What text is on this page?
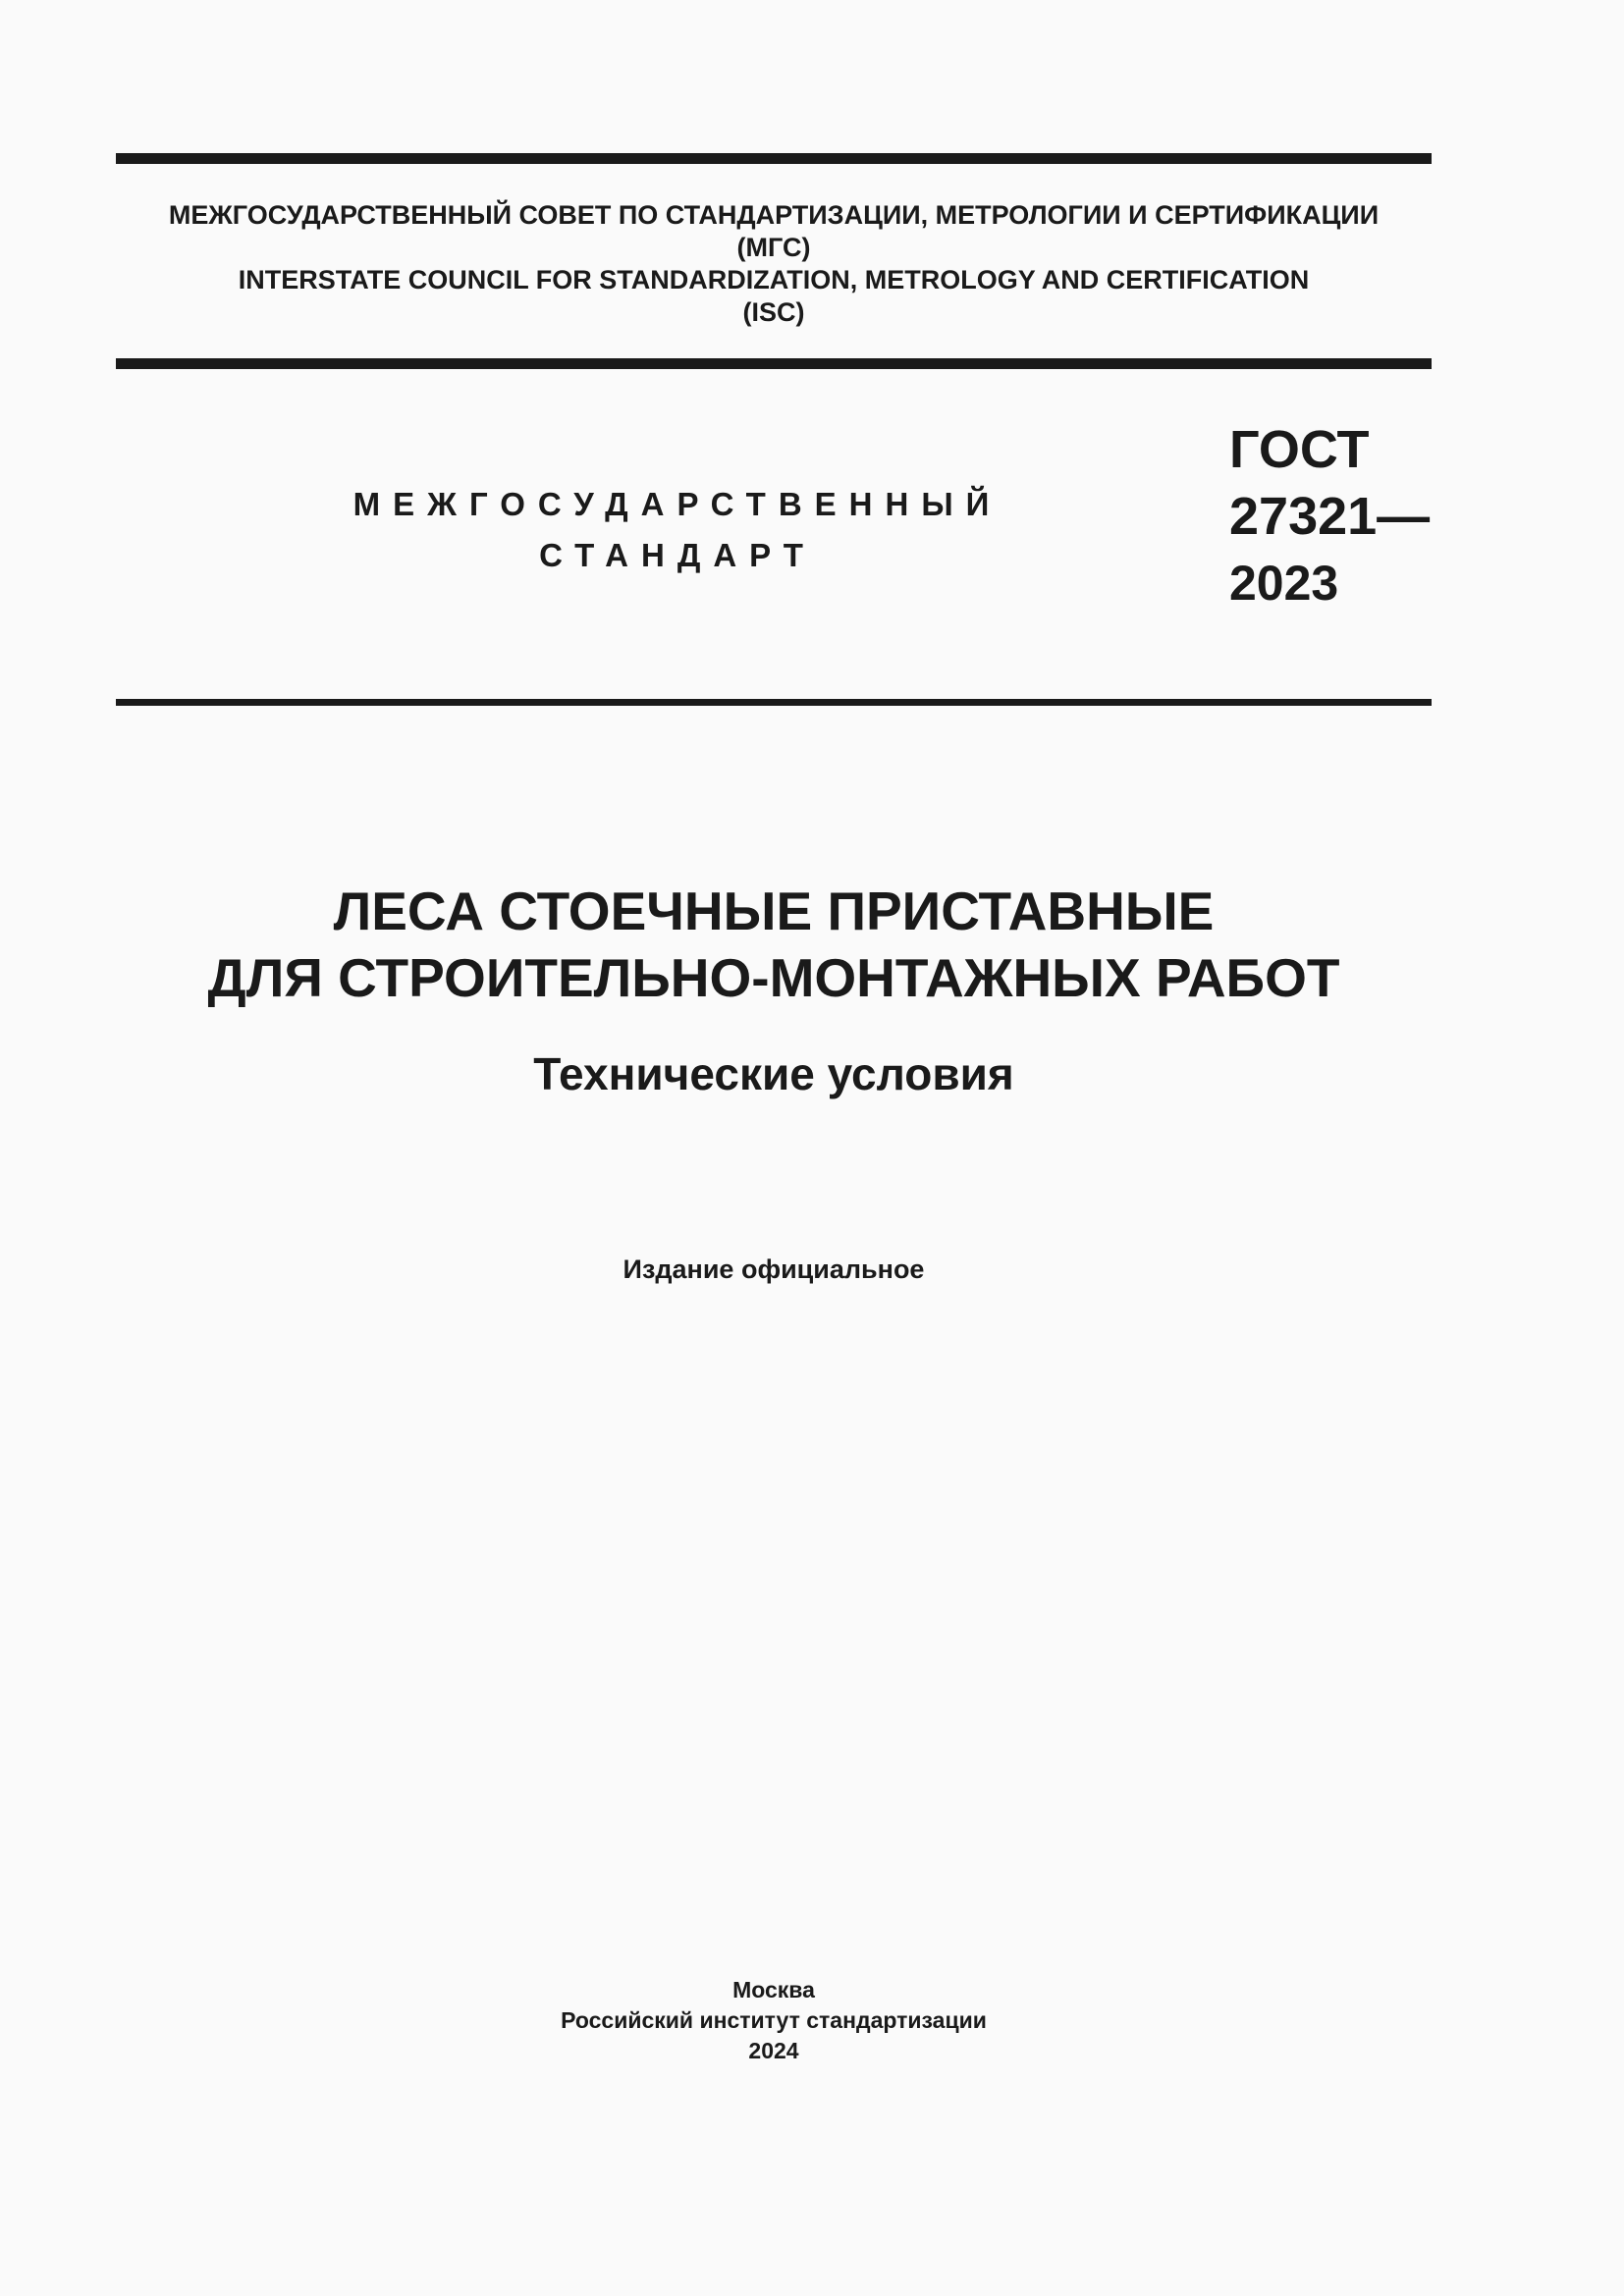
МЕЖГОСУДАРСТВЕННЫЙ СОВЕТ ПО СТАНДАРТИЗАЦИИ, МЕТРОЛОГИИ И СЕРТИФИКАЦИИ
(МГС)
INTERSTATE COUNCIL FOR STANDARDIZATION, METROLOGY AND CERTIFICATION
(ISC)
МЕЖГОСУДАРСТВЕННЫЙ
СТАНДАРТ
ГОСТ
27321—
2023
ЛЕСА СТОЕЧНЫЕ ПРИСТАВНЫЕ
ДЛЯ СТРОИТЕЛЬНО-МОНТАЖНЫХ РАБОТ
Технические условия
Издание официальное
Москва
Российский институт стандартизации
2024
